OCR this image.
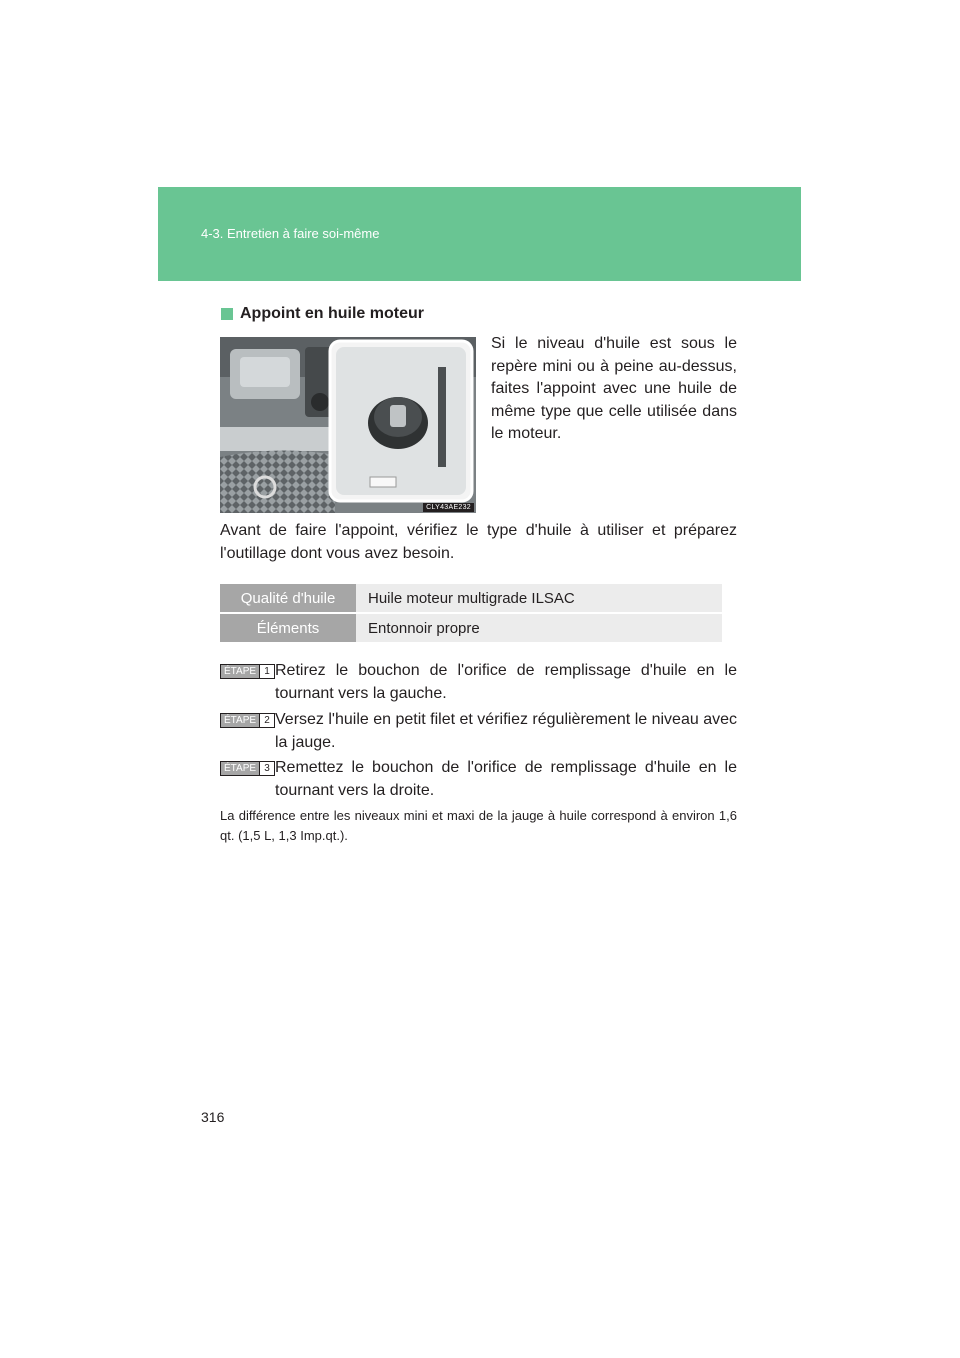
4-3. Entretien à faire soi-même
Appoint en huile moteur
CLY43AE232
Si le niveau d'huile est sous le repère mini ou à peine au-dessus, faites l'appoint avec une huile de même type que celle utilisée dans le moteur.
Avant de faire l'appoint, vérifiez le type d'huile à utiliser et préparez l'outillage dont vous avez besoin.
Qualité d'huile	Huile moteur multigrade ILSAC
Éléments	Entonnoir propre
ÉTAPE 1 Retirez le bouchon de l'orifice de remplissage d'huile en le tournant vers la gauche.
ÉTAPE 2 Versez l'huile en petit filet et vérifiez régulièrement le niveau avec la jauge.
ÉTAPE 3 Remettez le bouchon de l'orifice de remplissage d'huile en le tournant vers la droite.
La différence entre les niveaux mini et maxi de la jauge à huile correspond à environ 1,6 qt. (1,5 L, 1,3 Imp.qt.).
316
